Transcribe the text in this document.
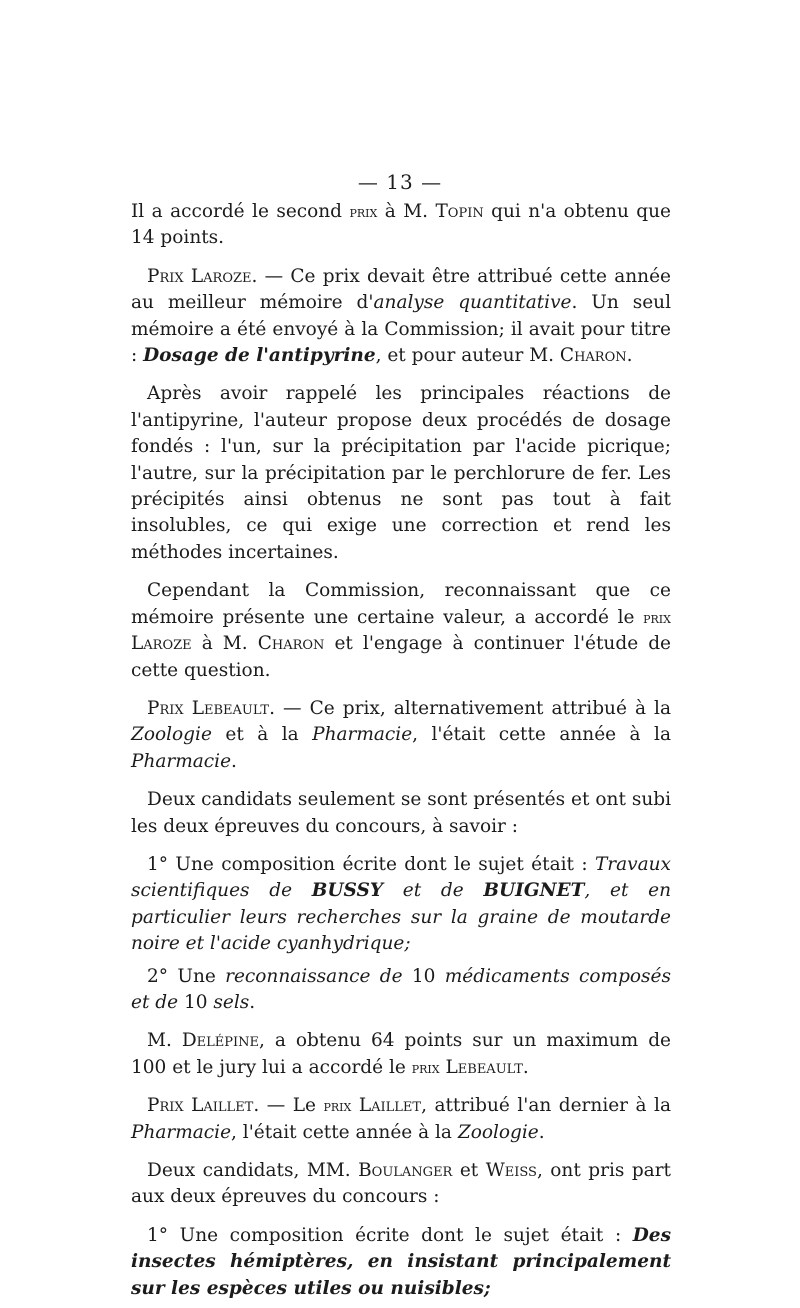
— 13 —

Il a accordé le second prix à M. Topin qui n'a obtenu que 14 points.

Prix Laroze. — Ce prix devait être attribué cette année au meilleur mémoire d'analyse quantitative. Un seul mémoire a été envoyé à la Commission; il avait pour titre : Dosage de l'antipyrine, et pour auteur M. Charon.

Après avoir rappelé les principales réactions de l'antipyrine, l'auteur propose deux procédés de dosage fondés : l'un, sur la précipitation par l'acide picrique; l'autre, sur la précipitation par le perchlorure de fer. Les précipités ainsi obtenus ne sont pas tout à fait insolubles, ce qui exige une correction et rend les méthodes incertaines.

Cependant la Commission, reconnaissant que ce mémoire présente une certaine valeur, a accordé le prix Laroze à M. Charon et l'engage à continuer l'étude de cette question.

Prix Lebeault. — Ce prix, alternativement attribué à la Zoologie et à la Pharmacie, l'était cette année à la Pharmacie.

Deux candidats seulement se sont présentés et ont subi les deux épreuves du concours, à savoir :

1° Une composition écrite dont le sujet était : Travaux scientifiques de BUSSY et de BUIGNET, et en particulier leurs recherches sur la graine de moutarde noire et l'acide cyanhydrique;

2° Une reconnaissance de 10 médicaments composés et de 10 sels.

M. Delépine, a obtenu 64 points sur un maximum de 100 et le jury lui a accordé le prix Lebeault.

Prix Laillet. — Le prix Laillet, attribué l'an dernier à la Pharmacie, l'était cette année à la Zoologie.

Deux candidats, MM. Boulanger et Weiss, ont pris part aux deux épreuves du concours :

1° Une composition écrite dont le sujet était : Des insectes hémiptères, en insistant principalement sur les espèces utiles ou nuisibles;
